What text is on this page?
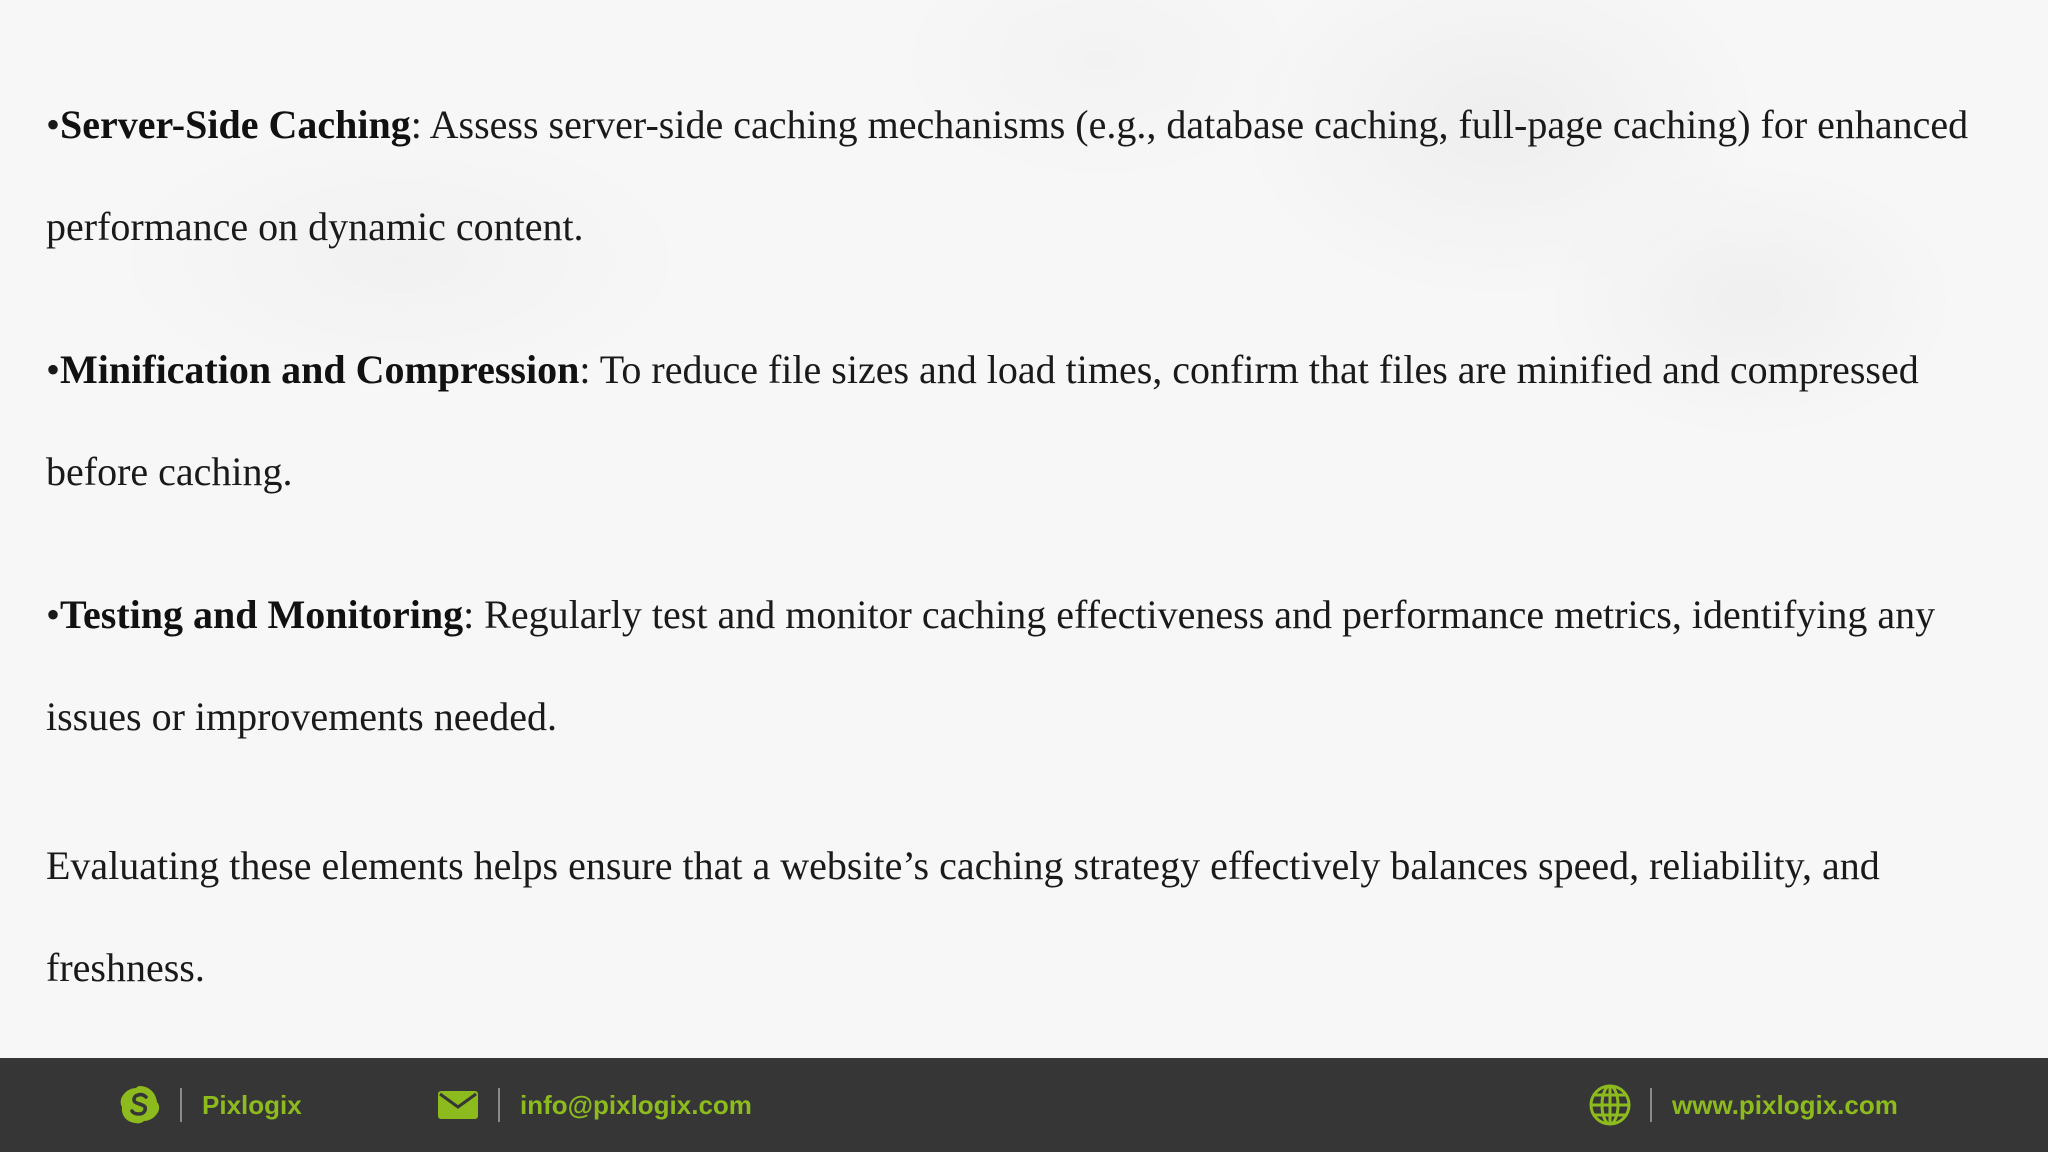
•Server-Side Caching: Assess server-side caching mechanisms (e.g., database caching, full-page caching) for enhanced performance on dynamic content.

•Minification and Compression: To reduce file sizes and load times, confirm that files are minified and compressed before caching.

•Testing and Monitoring: Regularly test and monitor caching effectiveness and performance metrics, identifying any issues or improvements needed.

Evaluating these elements helps ensure that a website’s caching strategy effectively balances speed, reliability, and freshness.

Pixlogix	info@pixlogix.com	www.pixlogix.com
